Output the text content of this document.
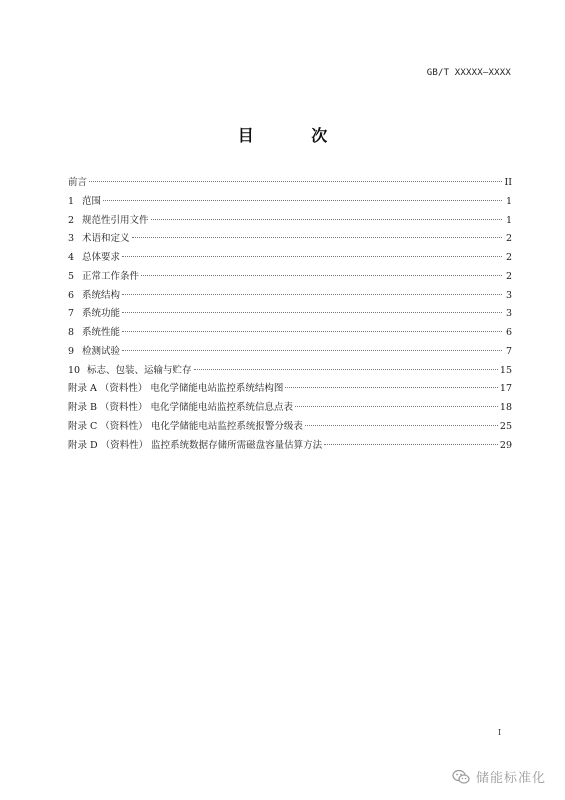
GB/T XXXXX—XXXX
目 次
前言	II
1 范围	1
2 规范性引用文件	1
3 术语和定义	2
4 总体要求	2
5 正常工作条件	2
6 系统结构	3
7 系统功能	3
8 系统性能	6
9 检测试验	7
10 标志、包装、运输与贮存	15
附录 A （资料性） 电化学储能电站监控系统结构图	17
附录 B （资料性） 电化学储能电站监控系统信息点表	18
附录 C （资料性） 电化学储能电站监控系统报警分级表	25
附录 D （资料性） 监控系统数据存储所需磁盘容量估算方法	29
I
储能标准化
